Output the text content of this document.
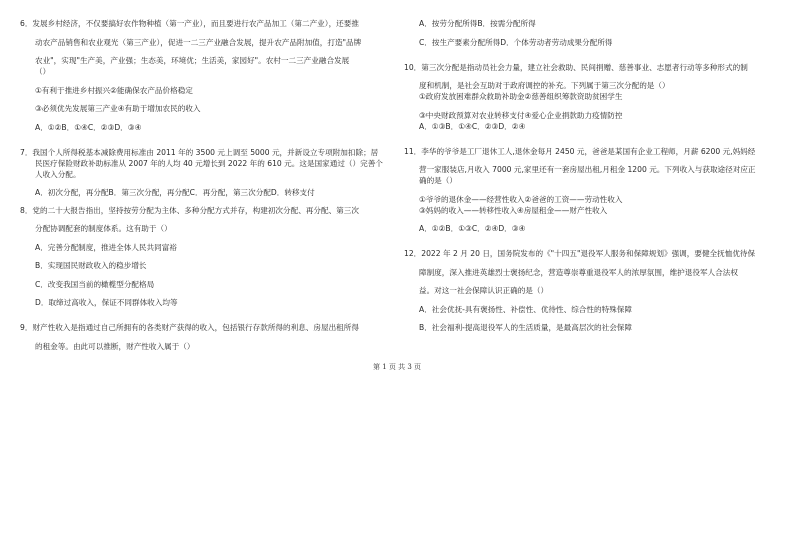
6．发展乡村经济，不仅要搞好农作物种植（第一产业），而且要进行农产品加工（第二产业），还要推
动农产品销售和农业观光（第三产业），促进一二三产业融合发展，提升农产品附加值，打造"品牌
农业"，实现"生产美，产业强；生态美，环境优；生活美，家园好"。农村一二三产业融合发展
（）
①有利于推进乡村振兴②能确保农产品价格稳定
③必须优先发展第三产业④有助于增加农民的收入
A．①②B．①④C．②③D．③④
7．我国个人所得税基本减除费用标准由 2011 年的 3500 元上调至 5000 元，并新设立专项附加扣除；居
民医疗保险财政补助标准从 2007 年的人均 40 元增长到 2022 年的 610 元。这是国家通过（）完善个
人收入分配。
A．初次分配，再分配B．第三次分配，再分配C．再分配，第三次分配D．转移支付
8．党的二十大报告指出，坚持按劳分配为主体、多种分配方式并存，构建初次分配、再分配、第三次
分配协调配套的制度体系。这有助于（）
A．完善分配制度，推进全体人民共同富裕
B．实现国民财政收入的稳步增长
C．改变我国当前的橄榄型分配格局
D．取缔过高收入，保证不同群体收入均等
9．财产性收入是指通过自己所拥有的各类财产获得的收入，包括银行存款所得的利息、房屋出租所得
的租金等。由此可以推断，财产性收入属于（）
A．按劳分配所得B．按需分配所得
C．按生产要素分配所得D．个体劳动者劳动成果分配所得
10．第三次分配是指动员社会力量，建立社会救助、民间捐赠、慈善事业、志愿者行动等多种形式的制
度和机制，是社会互助对于政府调控的补充。下列属于第三次分配的是（）
①政府发放困难群众救助补助金②慈善组织筹款资助贫困学生
③中央财政预算对农业转移支付④爱心企业捐款助力疫情防控
A．①③B．①④C．②③D．②④
11．李华的爷爷是工厂退休工人,退休金每月 2450 元，爸爸是某国有企业工程师，月薪 6200 元,妈妈经
营一家服装店,月收入 7000 元,家里还有一套房屋出租,月租金 1200 元。下列收入与获取途径对应正
确的是（）
①爷爷的退休金——经营性收入②爸爸的工资——劳动性收入
③妈妈的收入——转移性收入④房屋租金——财产性收入
A．①②B．①③C．②④D．③④
12．2022 年 2 月 20 日，国务院发布的《"十四五"退役军人服务和保障规划》强调，要健全抚恤优待保
障制度，深入推进英雄烈士褒扬纪念，营造尊崇尊重退役军人的浓厚氛围，维护退役军人合法权
益。对这一社会保障认识正确的是（）
A．社会优抚-具有褒扬性、补偿性、优待性、综合性的特殊保障
B．社会福利-提高退役军人的生活质量，是最高层次的社会保障
第 1 页 共 3 页
